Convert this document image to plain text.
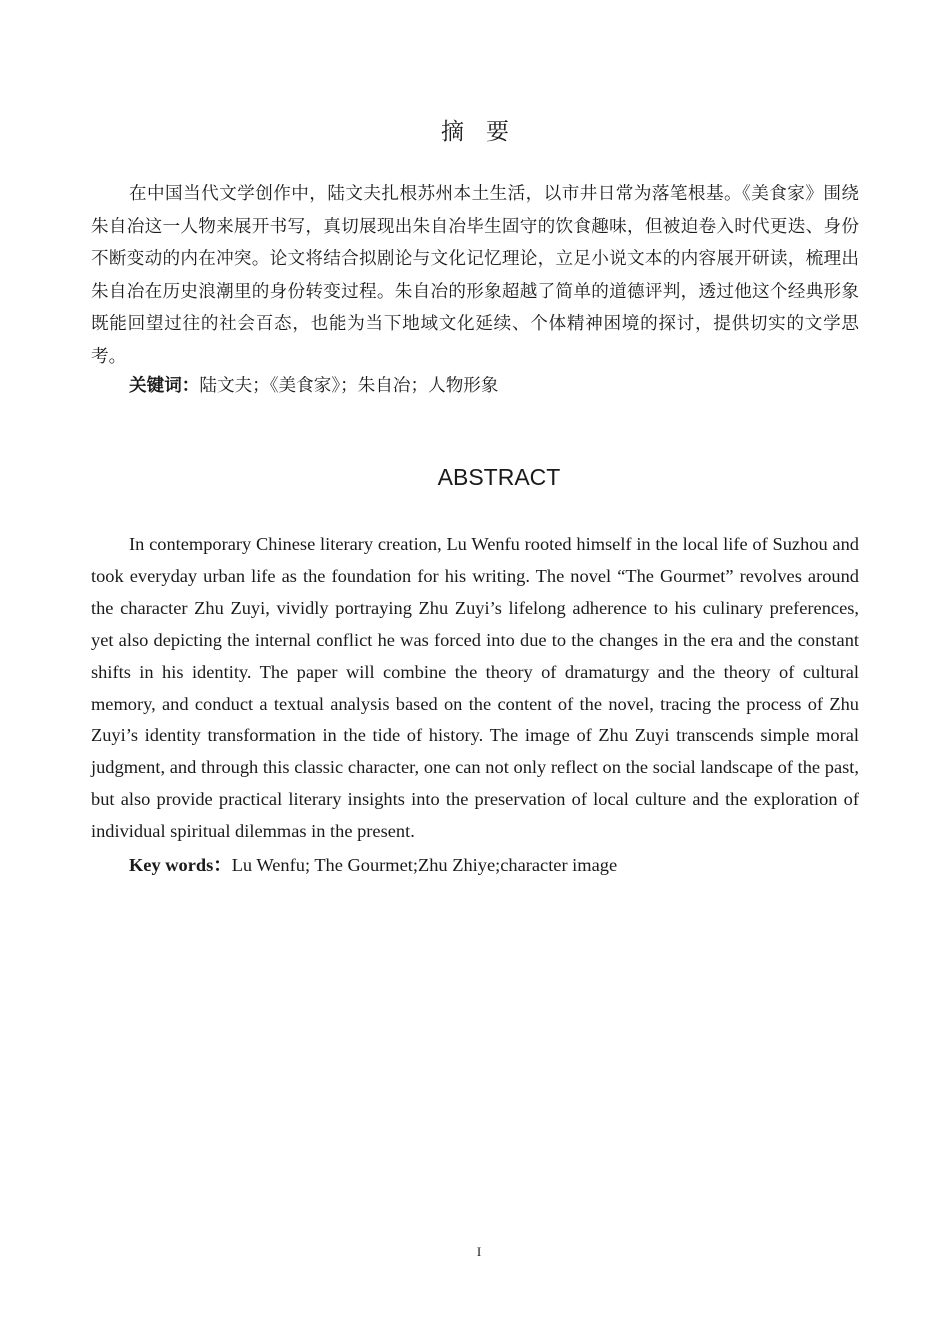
摘要

在中国当代文学创作中，陆文夫扎根苏州本土生活，以市井日常为落笔根基。《美食家》围绕朱自冶这一人物来展开书写，真切展现出朱自冶毕生固守的饮食趣味，但被迫卷入时代更迭、身份不断变动的内在冲突。论文将结合拟剧论与文化记忆理论，立足小说文本的内容展开研读，梳理出朱自冶在历史浪潮里的身份转变过程。朱自冶的形象超越了简单的道德评判，透过他这个经典形象既能回望过往的社会百态，也能为当下地域文化延续、个体精神困境的探讨，提供切实的文学思考。

关键词：陆文夫；《美食家》；朱自冶；人物形象

ABSTRACT

In contemporary Chinese literary creation, Lu Wenfu rooted himself in the local life of Suzhou and took everyday urban life as the foundation for his writing. The novel “The Gourmet” revolves around the character Zhu Zuyi, vividly portraying Zhu Zuyi’s lifelong adherence to his culinary preferences, yet also depicting the internal conflict he was forced into due to the changes in the era and the constant shifts in his identity. The paper will combine the theory of dramaturgy and the theory of cultural memory, and conduct a textual analysis based on the content of the novel, tracing the process of Zhu Zuyi’s identity transformation in the tide of history. The image of Zhu Zuyi transcends simple moral judgment, and through this classic character, one can not only reflect on the social landscape of the past, but also provide practical literary insights into the preservation of local culture and the exploration of individual spiritual dilemmas in the present.

Key words：Lu Wenfu; The Gourmet;Zhu Zhiye;character image

I
